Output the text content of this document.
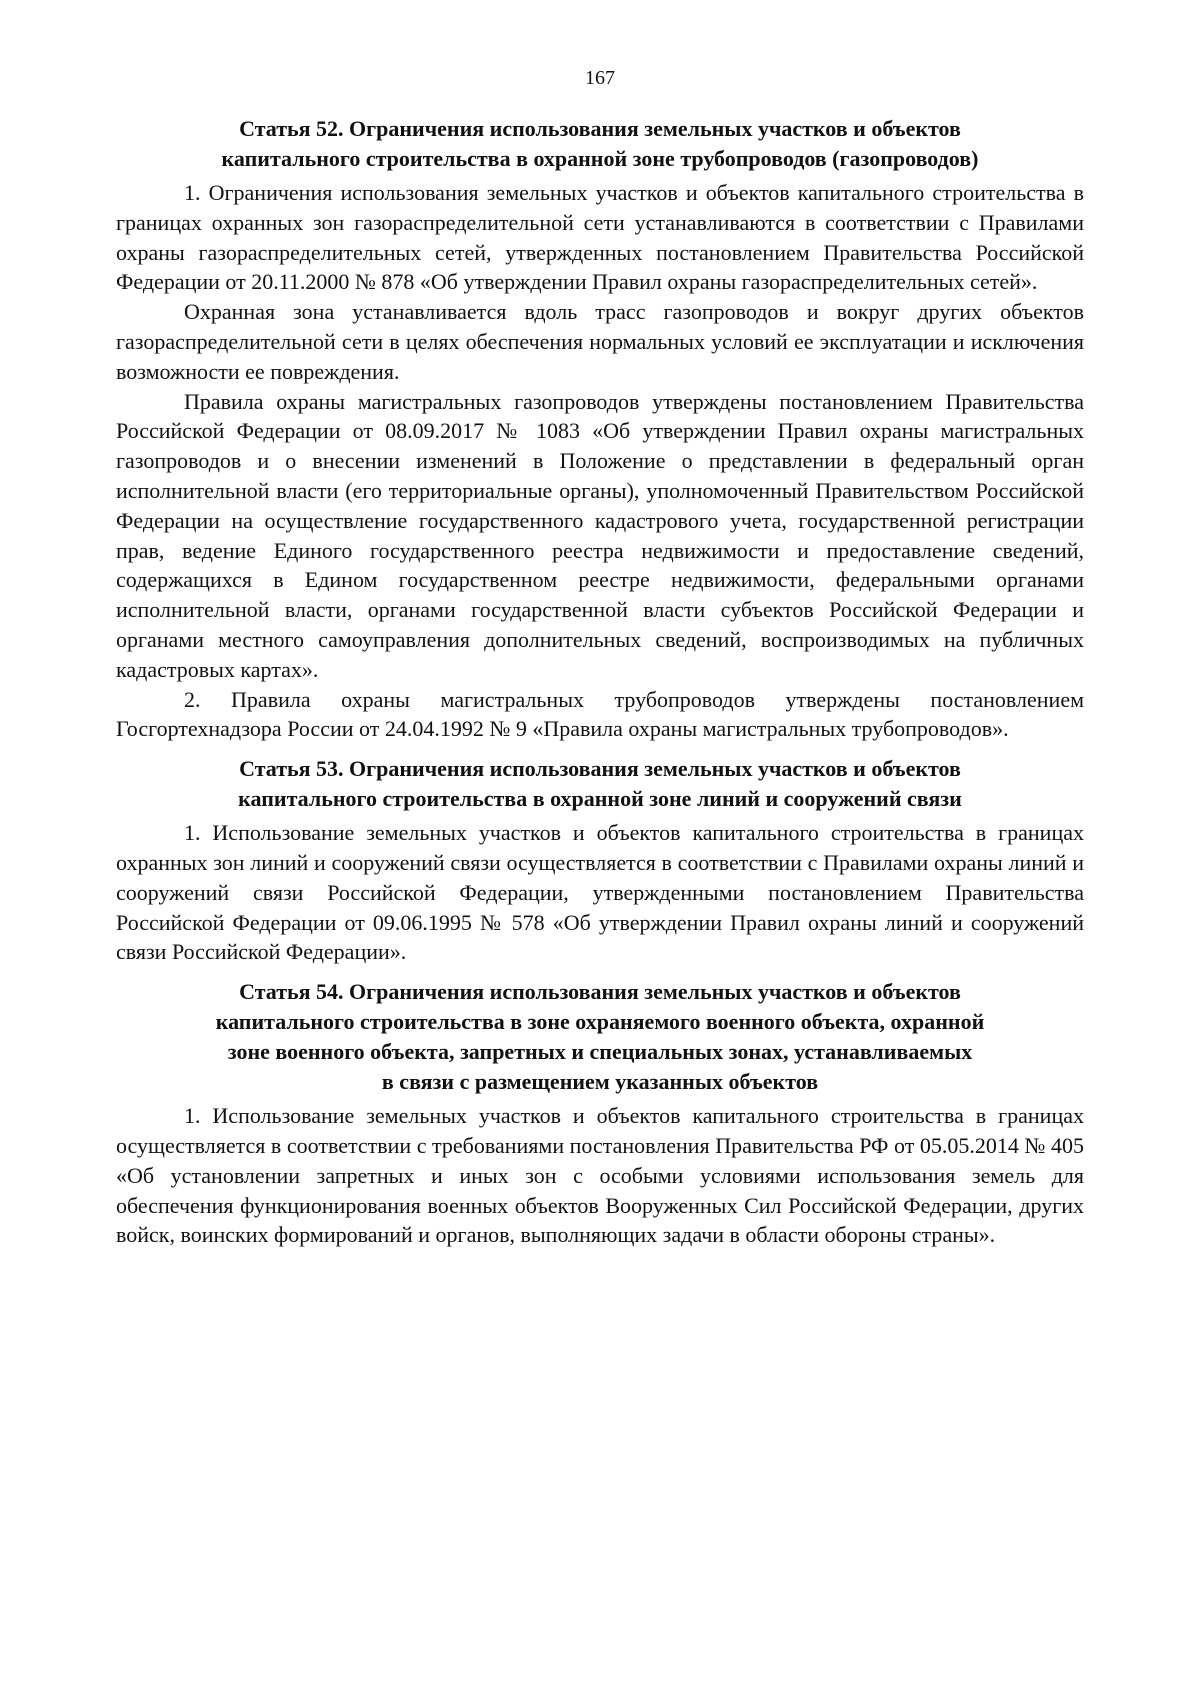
167
Статья 52. Ограничения использования земельных участков и объектов
капитального строительства в охранной зоне трубопроводов (газопроводов)

1. Ограничения использования земельных участков и объектов капитального строительства в границах охранных зон газораспределительной сети устанавливаются в соответствии с Правилами охраны газораспределительных сетей, утвержденных постановлением Правительства Российской Федерации от 20.11.2000 № 878 «Об утверждении Правил охраны газораспределительных сетей».

Охранная зона устанавливается вдоль трасс газопроводов и вокруг других объектов газораспределительной сети в целях обеспечения нормальных условий ее эксплуатации и исключения возможности ее повреждения.

Правила охраны магистральных газопроводов утверждены постановлением Правительства Российской Федерации от 08.09.2017 № 1083 «Об утверждении Правил охраны магистральных газопроводов и о внесении изменений в Положение о представлении в федеральный орган исполнительной власти (его территориальные органы), уполномоченный Правительством Российской Федерации на осуществление государственного кадастрового учета, государственной регистрации прав, ведение Единого государственного реестра недвижимости и предоставление сведений, содержащихся в Едином государственном реестре недвижимости, федеральными органами исполнительной власти, органами государственной власти субъектов Российской Федерации и органами местного самоуправления дополнительных сведений, воспроизводимых на публичных кадастровых картах».

2. Правила охраны магистральных трубопроводов утверждены постановлением Госгортехнадзора России от 24.04.1992 № 9 «Правила охраны магистральных трубопроводов».

Статья 53. Ограничения использования земельных участков и объектов
капитального строительства в охранной зоне линий и сооружений связи

1. Использование земельных участков и объектов капитального строительства в границах охранных зон линий и сооружений связи осуществляется в соответствии с Правилами охраны линий и сооружений связи Российской Федерации, утвержденными постановлением Правительства Российской Федерации от 09.06.1995 № 578 «Об утверждении Правил охраны линий и сооружений связи Российской Федерации».

Статья 54. Ограничения использования земельных участков и объектов
капитального строительства в зоне охраняемого военного объекта, охранной
зоне военного объекта, запретных и специальных зонах, устанавливаемых
в связи с размещением указанных объектов

1. Использование земельных участков и объектов капитального строительства в границах осуществляется в соответствии с требованиями постановления Правительства РФ от 05.05.2014 № 405 «Об установлении запретных и иных зон с особыми условиями использования земель для обеспечения функционирования военных объектов Вооруженных Сил Российской Федерации, других войск, воинских формирований и органов, выполняющих задачи в области обороны страны».
